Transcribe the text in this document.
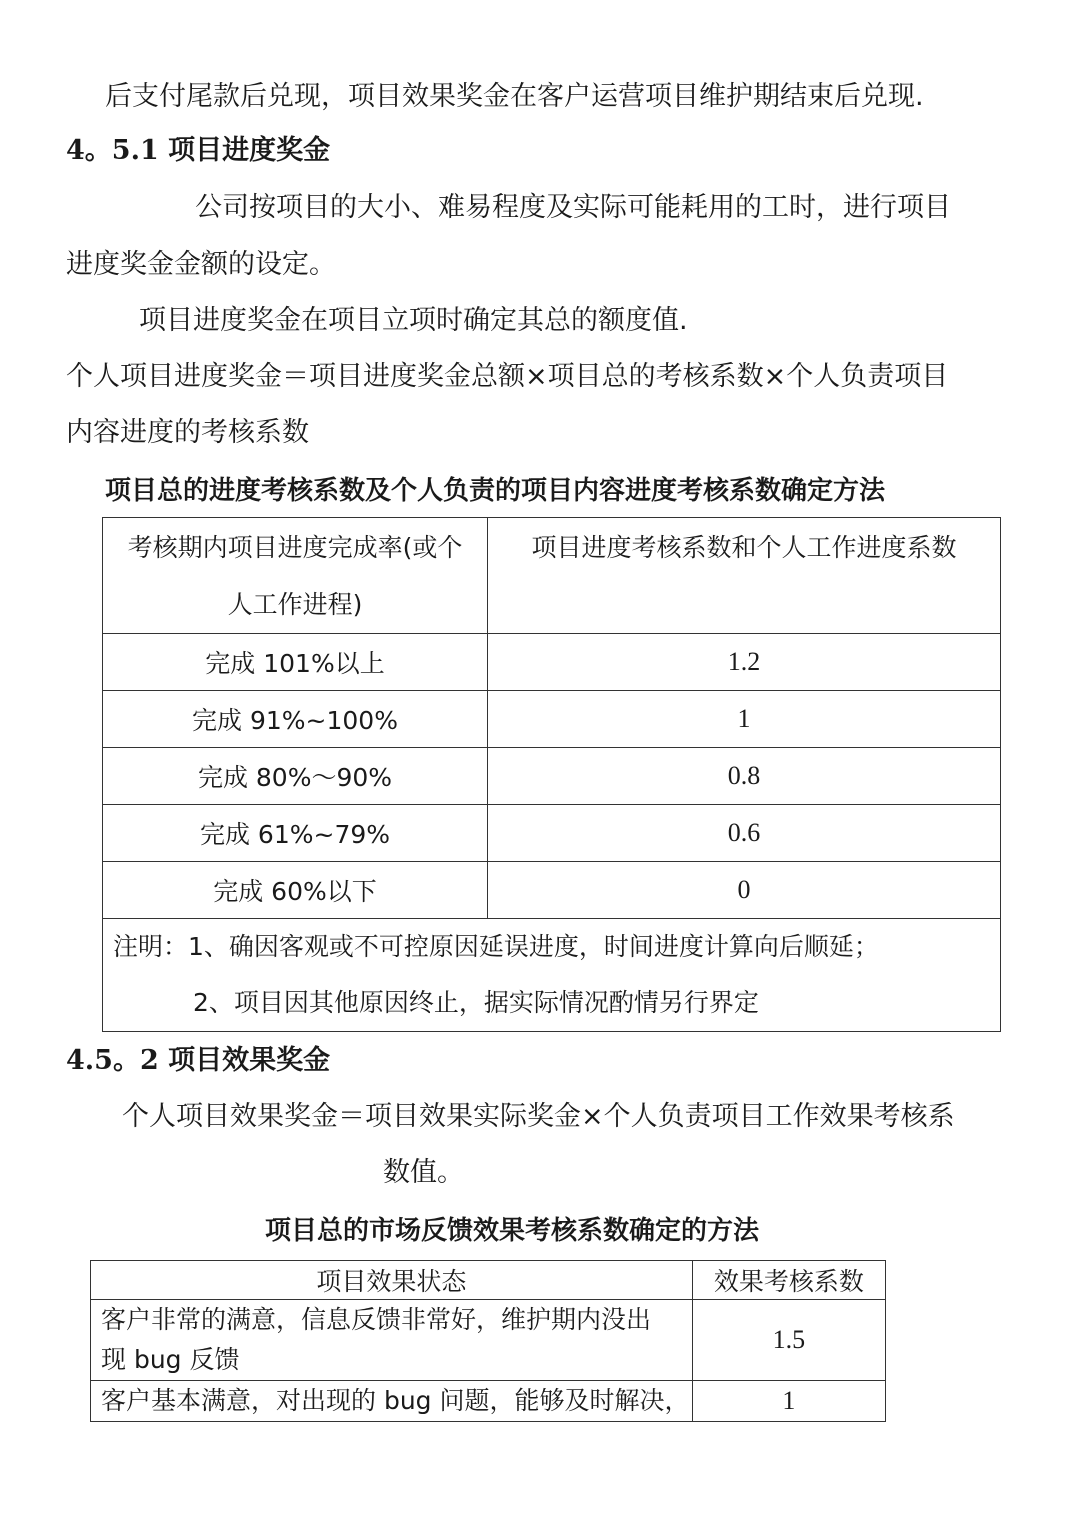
后支付尾款后兑现，项目效果奖金在客户运营项目维护期结束后兑现.
4。5.1 项目进度奖金
公司按项目的大小、难易程度及实际可能耗用的工时，进行项目
进度奖金金额的设定。
项目进度奖金在项目立项时确定其总的额度值.
个人项目进度奖金＝项目进度奖金总额×项目总的考核系数×个人负责项目
内容进度的考核系数
项目总的进度考核系数及个人负责的项目内容进度考核系数确定方法
考核期内项目进度完成率(或个
人工作进程)	项目进度考核系数和个人工作进度系数
完成 101%以上	1.2
完成 91%~100%	1
完成 80%～90%	0.8
完成 61%~79%	0.6
完成 60%以下	0

注明：1、确因客观或不可控原因延误进度，时间进度计算向后顺延；
2、项目因其他原因终止，据实际情况酌情另行界定	
4.5。2 项目效果奖金
个人项目效果奖金＝项目效果实际奖金×个人负责项目工作效果考核系
数值。
项目总的市场反馈效果考核系数确定的方法
项目效果状态	效果考核系数
客户非常的满意，信息反馈非常好，维护期内没出
现 bug 反馈	1.5
客户基本满意，对出现的 bug 问题，能够及时解决，	1
